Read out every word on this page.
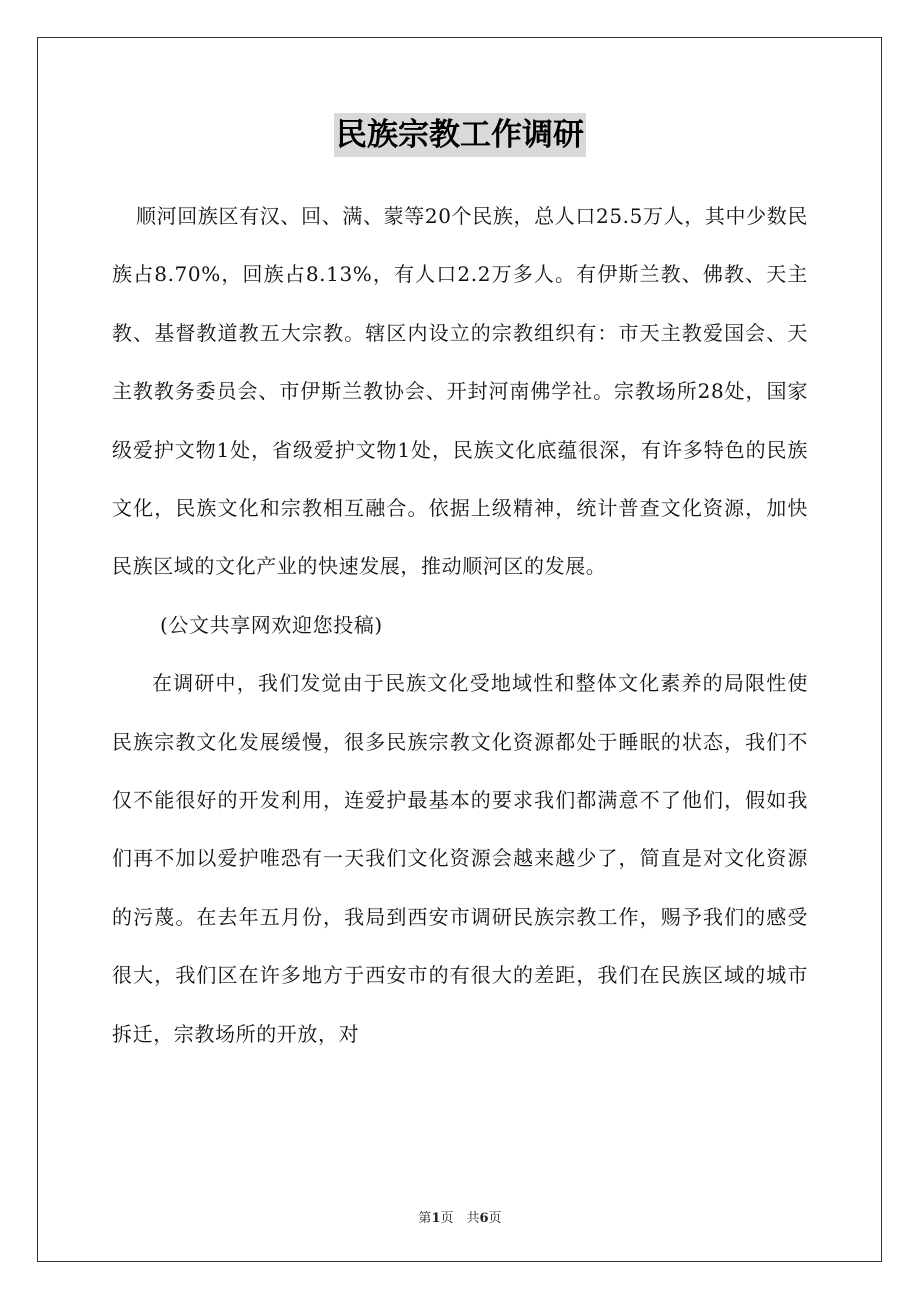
民族宗教工作调研

顺河回族区有汉、回、满、蒙等20个民族，总人口25.5万人，其中少数民族占8.70%，回族占8.13%，有人口2.2万多人。有伊斯兰教、佛教、天主教、基督教道教五大宗教。辖区内设立的宗教组织有：市天主教爱国会、天主教教务委员会、市伊斯兰教协会、开封河南佛学社。宗教场所28处，国家级爱护文物1处，省级爱护文物1处，民族文化底蕴很深，有许多特色的民族文化，民族文化和宗教相互融合。依据上级精神，统计普查文化资源，加快民族区域的文化产业的快速发展，推动顺河区的发展。

(公文共享网欢迎您投稿)

在调研中，我们发觉由于民族文化受地域性和整体文化素养的局限性使民族宗教文化发展缓慢，很多民族宗教文化资源都处于睡眠的状态，我们不仅不能很好的开发利用，连爱护最基本的要求我们都满意不了他们，假如我们再不加以爱护唯恐有一天我们文化资源会越来越少了，简直是对文化资源的污蔑。在去年五月份，我局到西安市调研民族宗教工作，赐予我们的感受很大，我们区在许多地方于西安市的有很大的差距，我们在民族区域的城市拆迁，宗教场所的开放，对

第1页　共6页
